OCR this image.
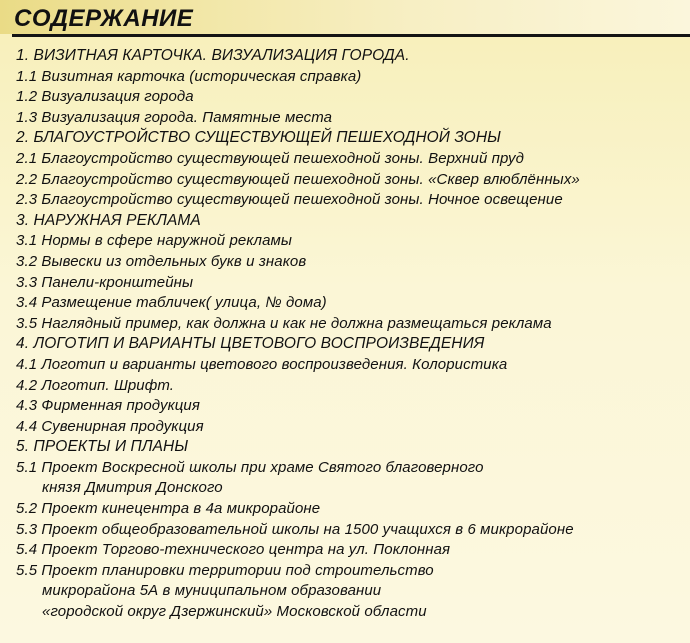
СОДЕРЖАНИЕ
1. ВИЗИТНАЯ КАРТОЧКА. ВИЗУАЛИЗАЦИЯ ГОРОДА.
1.1 Визитная карточка (историческая справка)
1.2 Визуализация города
1.3 Визуализация города. Памятные места
2. БЛАГОУСТРОЙСТВО СУЩЕСТВУЮЩЕЙ ПЕШЕХОДНОЙ ЗОНЫ
2.1 Благоустройство существующей пешеходной зоны. Верхний пруд
2.2 Благоустройство существующей пешеходной зоны. «Сквер влюблённых»
2.3 Благоустройство существующей пешеходной зоны. Ночное освещение
3. НАРУЖНАЯ РЕКЛАМА
3.1 Нормы в сфере наружной рекламы
3.2 Вывески из отдельных букв и знаков
3.3 Панели-кронштейны
3.4 Размещение табличек( улица, № дома)
3.5 Наглядный пример, как должна и как не должна размещаться реклама
4. ЛОГОТИП И ВАРИАНТЫ ЦВЕТОВОГО ВОСПРОИЗВЕДЕНИЯ
4.1 Логотип и варианты цветового воспроизведения. Колористика
4.2 Логотип. Шрифт.
4.3 Фирменная продукция
4.4 Сувенирная продукция
5. ПРОЕКТЫ И ПЛАНЫ
5.1 Проект Воскресной школы при храме Святого благоверного
князя Дмитрия Донского
5.2 Проект кинецентра в 4а микрорайоне
5.3 Проект общеобразовательной школы на 1500 учащихся в 6 микрорайоне
5.4 Проект Торгово-технического центра на ул. Поклонная
5.5 Проект планировки территории под строительство
микрорайона 5А в муниципальном образовании
«городской округ Дзержинский» Московской области
